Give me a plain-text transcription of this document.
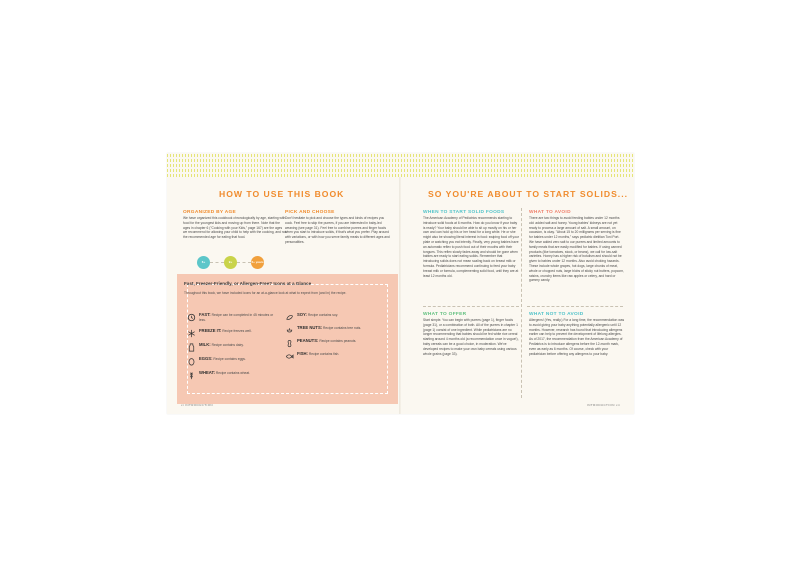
HOW TO USE THIS BOOK
ORGANIZED BY AGE
We have organized this cookbook chronologically by age, starting with food for the youngest kids and moving up from there. Note that the ages in chapter 6 ("Cooking with your Kids," page 167) are the ages we recommend for allowing your child to help with the cooking, and not the recommended age for eating that food.
6+	9+	2+ years
PICK AND CHOOSE
Don't hesitate to pick and choose the types and kinds of recipes you cook. Feel free to skip the purees, if you are interested in baby-led weaning (see page 31). Feel free to combine purees and finger foods when you start to introduce solids, if that's what you prefer. Play around with variations, or with how you serve family meals to different ages and personalities.
Fast, Freezer-Friendly, or Allergen-Free? Icons at a Glance
Throughout this book, we have included icons for an at-a-glance look at what to expect from (and in) the recipe.
FAST: Recipe can be completed in 45 minutes or less.
FREEZE IT: Recipe freezes well.
MILK: Recipe contains dairy.
EGGS: Recipe contains eggs.
WHEAT: Recipe contains wheat.
SOY: Recipe contains soy.
TREE NUTS: Recipe contains tree nuts.
PEANUTS: Recipe contains peanuts.
FISH: Recipe contains fish.
xi INTRODUCTION
SO YOU'RE ABOUT TO START SOLIDS...
WHEN TO START SOLID FOODS
The American Academy of Pediatrics recommends starting to introduce solid foods at 6 months. How do you know if your baby is ready? Your baby should be able to sit up mostly on his or her own and can hold up his or her head for a long while. He or she might also be showing literal interest in food: swiping food off your plate or watching you eat intently. Finally, very young babies have an automatic reflex to push food out of their mouths with their tongues. This reflex slowly fades away and should be gone when babies are ready to start eating solids. Remember that introducing solids does not mean scaling back on breast milk or formula. Pediatricians recommend continuing to feed your baby breast milk or formula, complementing solid food, until they are at least 12 months old.
WHAT TO OFFER
Start simple. You can begin with purees (page 1), finger foods (page 31), or a combination of both. All of the purees in chapter 1 (page 1) consist of one ingredient. While pediatricians are no longer recommending that babies should be fed white rice cereal starting around 4 months old (a recommendation once in vogue!), baby cereals can be a good choice, in moderation. We've developed recipes to make your own baby cereals using various whole grains (page 33).
WHAT TO AVOID
There are two things to avoid feeding babies under 12 months old: added salt and honey. Young babies' kidneys are not yet ready to process a large amount of salt. A small amount, on occasion, is okay. "About 15 to 20 milligrams per serving is fine for babies under 12 months," says pediatric dietitian Toni Port. We have added zero salt to our purees and limited amounts to family meals that are easily modified for babies. If using canned products (like tomatoes, stock, or beans), we call for low-salt varieties. Honey has a higher risk of botulism and should not be given to babies under 12 months. Also avoid choking hazards. These include whole grapes, hot dogs, large chunks of meat, whole or chopped nuts, large blobs of sticky nut butters, popcorn, raisins, crunchy items like raw apples or celery, and hard or gummy candy.
WHAT NOT TO AVOID
Allergens! (Yes, really.) For a long time, the recommendation was to avoid giving your baby anything potentially allergenic until 12 months. However, research has found that introducing allergens earlier can help to prevent the development of lifelong allergies. As of 2017, the recommendation from the American Academy of Pediatrics is to introduce allergens before the 12-month mark, even as early as 6 months. Of course, check with your pediatrician before offering any allergens to your baby.
INTRODUCTION xii
